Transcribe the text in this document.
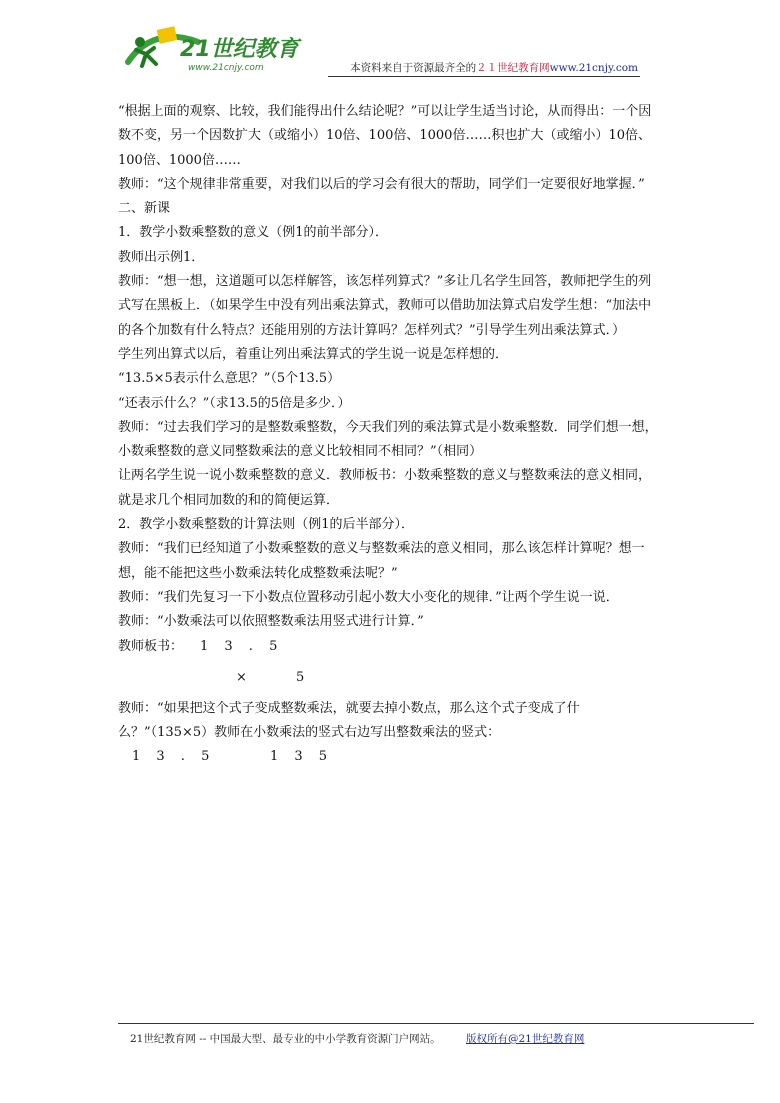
21世纪教育
www.21cnjy.com	本资料来自于资源最齐全的２１世纪教育网www.21cnjy.com

“根据上面的观察、比较，我们能得出什么结论呢？”可以让学生适当讨论，从而得出：一个因数不变，另一个因数扩大（或缩小）10倍、100倍、1000倍……积也扩大（或缩小）10倍、100倍、1000倍……

教师：“这个规律非常重要，对我们以后的学习会有很大的帮助，同学们一定要很好地掌握．”

二、新课

1．教学小数乘整数的意义（例1的前半部分）．

教师出示例1．

教师：“想一想，这道题可以怎样解答，该怎样列算式？”多让几名学生回答，教师把学生的列式写在黑板上．（如果学生中没有列出乘法算式，教师可以借助加法算式启发学生想：“加法中的各个加数有什么特点？还能用别的方法计算吗？怎样列式？”引导学生列出乘法算式．）

学生列出算式以后，着重让列出乘法算式的学生说一说是怎样想的．

“13.5×5表示什么意思？”（5个13.5）

“还表示什么？”（求13.5的5倍是多少．）

教师：“过去我们学习的是整数乘整数，今天我们列的乘法算式是小数乘整数．同学们想一想，小数乘整数的意义同整数乘法的意义比较相同不相同？”（相同）

让两名学生说一说小数乘整数的意义．教师板书：小数乘整数的意义与整数乘法的意义相同，就是求几个相同加数的和的简便运算．

2．教学小数乘整数的计算法则（例1的后半部分）．

教师：“我们已经知道了小数乘整数的意义与整数乘法的意义相同，那么该怎样计算呢？想一想，能不能把这些小数乘法转化成整数乘法呢？”

教师：“我们先复习一下小数点位置移动引起小数大小变化的规律．”让两个学生说一说．

教师：“小数乘法可以依照整数乘法用竖式进行计算．”

教师板书： 1 3 . 5
×	5

教师：“如果把这个式子变成整数乘法，就要去掉小数点，那么这个式子变成了什么？”（135×5）教师在小数乘法的竖式右边写出整数乘法的竖式：

1 3 . 5	1 3 5
21世纪教育网 -- 中国最大型、最专业的中小学教育资源门户网站。 版权所有@21世纪教育网
